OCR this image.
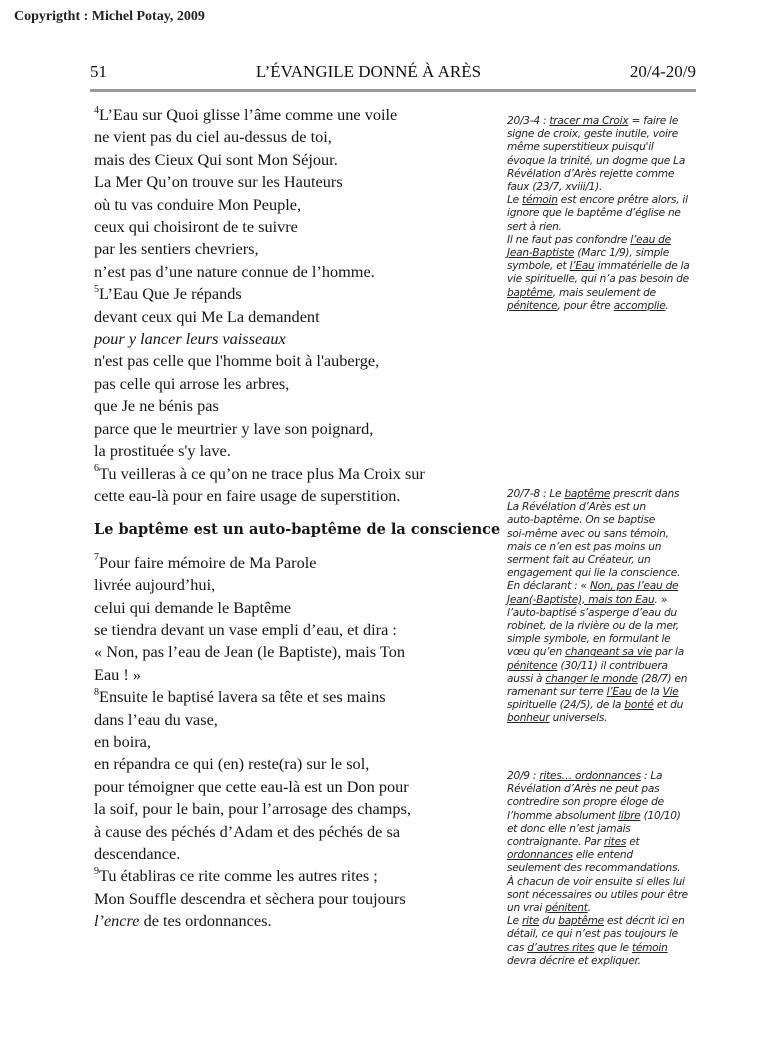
Copyrigtht : Michel Potay, 2009
51	L’ÉVANGILE DONNÉ À ARÈS	20/4-20/9
$^4$L’Eau sur Quoi glisse l’âme comme une voile
ne vient pas du ciel au-dessus de toi,
mais des Cieux Qui sont Mon Séjour.
La Mer Qu’on trouve sur les Hauteurs
où tu vas conduire Mon Peuple,
ceux qui choisiront de te suivre
par les sentiers chevriers,
n’est pas d’une nature connue de l’homme.
$^5$L’Eau Que Je répands
devant ceux qui Me La demandent
pour y lancer leurs vaisseaux
n'est pas celle que l'homme boit à l'auberge,
pas celle qui arrose les arbres,
que Je ne bénis pas
parce que le meurtrier y lave son poignard,
la prostituée s'y lave.
$^6$Tu veilleras à ce qu’on ne trace plus Ma Croix sur
cette eau-là pour en faire usage de superstition.
Le baptême est un auto-baptême de la conscience
$^7$Pour faire mémoire de Ma Parole
livrée aujourd’hui,
celui qui demande le Baptême
se tiendra devant un vase empli d’eau, et dira :
« Non, pas l’eau de Jean (le Baptiste), mais Ton
Eau ! »
$^8$Ensuite le baptisé lavera sa tête et ses mains
dans l’eau du vase,
en boira,
en répandra ce qui (en) reste(ra) sur le sol,
pour témoigner que cette eau-là est un Don pour
la soif, pour le bain, pour l’arrosage des champs,
à cause des péchés d’Adam et des péchés de sa
descendance.
$^9$Tu établiras ce rite comme les autres rites ;
Mon Souffle descendra et sèchera pour toujours
l’encre de tes ordonnances.
20/3-4 : tracer ma Croix = faire le
signe de croix, geste inutile, voire
même superstitieux puisqu'il
évoque la trinité, un dogme que La
Révélation d’Arès rejette comme
faux (23/7, xviii/1).
Le témoin est encore prêtre alors, il
ignore que le baptême d’église ne
sert à rien.
Il ne faut pas confondre l’eau de
Jean-Baptiste (Marc 1/9), simple
symbole, et l’Eau immatérielle de la
vie spirituelle, qui n’a pas besoin de
baptême, mais seulement de
pénitence, pour être accomplie.
20/7-8 : Le baptême prescrit dans
La Révélation d’Arès est un
auto-baptême. On se baptise
soi-même avec ou sans témoin,
mais ce n’en est pas moins un
serment fait au Créateur, un
engagement qui lie la conscience.
En déclarant : « Non, pas l’eau de
Jean(-Baptiste), mais ton Eau. »
l’auto-baptisé s’asperge d’eau du
robinet, de la rivière ou de la mer,
simple symbole, en formulant le
vœu qu’en changeant sa vie par la
pénitence (30/11) il contribuera
aussi à changer le monde (28/7) en
ramenant sur terre l’Eau de la Vie
spirituelle (24/5), de la bonté et du
bonheur universels.
20/9 : rites… ordonnances : La
Révélation d’Arès ne peut pas
contredire son propre éloge de
l’homme absolument libre (10/10)
et donc elle n’est jamais
contraignante. Par rites et
ordonnances elle entend
seulement des recommandations.
À chacun de voir ensuite si elles lui
sont nécessaires ou utiles pour être
un vrai pénitent.
Le rite du baptême est décrit ici en
détail, ce qui n’est pas toujours le
cas d’autres rites que le témoin
devra décrire et expliquer.
